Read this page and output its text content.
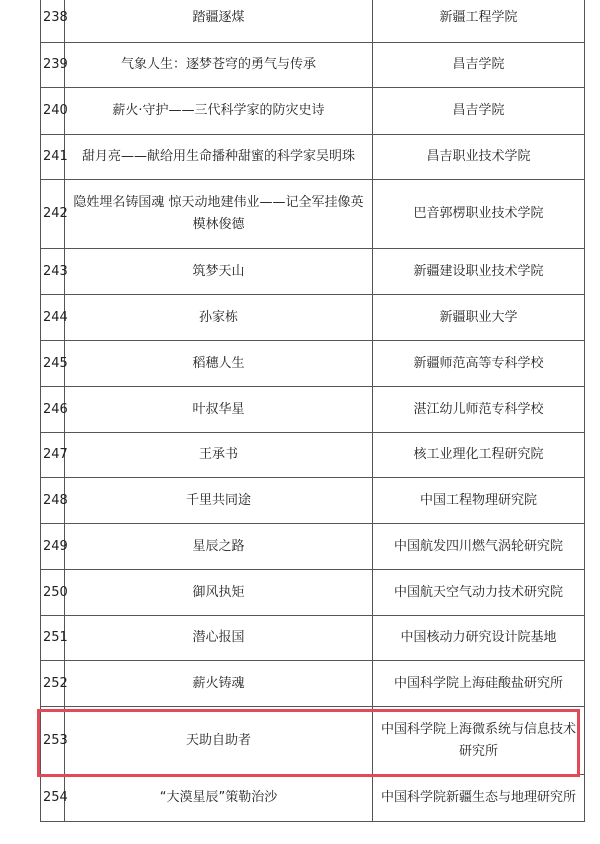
238	踏疆逐煤	新疆工程学院
239	气象人生：逐梦苍穹的勇气与传承	昌吉学院
240	薪火·守护——三代科学家的防灾史诗	昌吉学院
241	甜月亮——献给用生命播种甜蜜的科学家吴明珠	昌吉职业技术学院
242	隐姓埋名铸国魂 惊天动地建伟业——记全军挂像英模林俊德	巴音郭楞职业技术学院
243	筑梦天山	新疆建设职业技术学院
244	孙家栋	新疆职业大学
245	稻穗人生	新疆师范高等专科学校
246	叶叔华星	湛江幼儿师范专科学校
247	王承书	核工业理化工程研究院
248	千里共同途	中国工程物理研究院
249	星辰之路	中国航发四川燃气涡轮研究院
250	御风执矩	中国航天空气动力技术研究院
251	潜心报国	中国核动力研究设计院基地
252	薪火铸魂	中国科学院上海硅酸盐研究所
253	天助自助者	中国科学院上海微系统与信息技术研究所
254	“大漠星辰”策勒治沙	中国科学院新疆生态与地理研究所
